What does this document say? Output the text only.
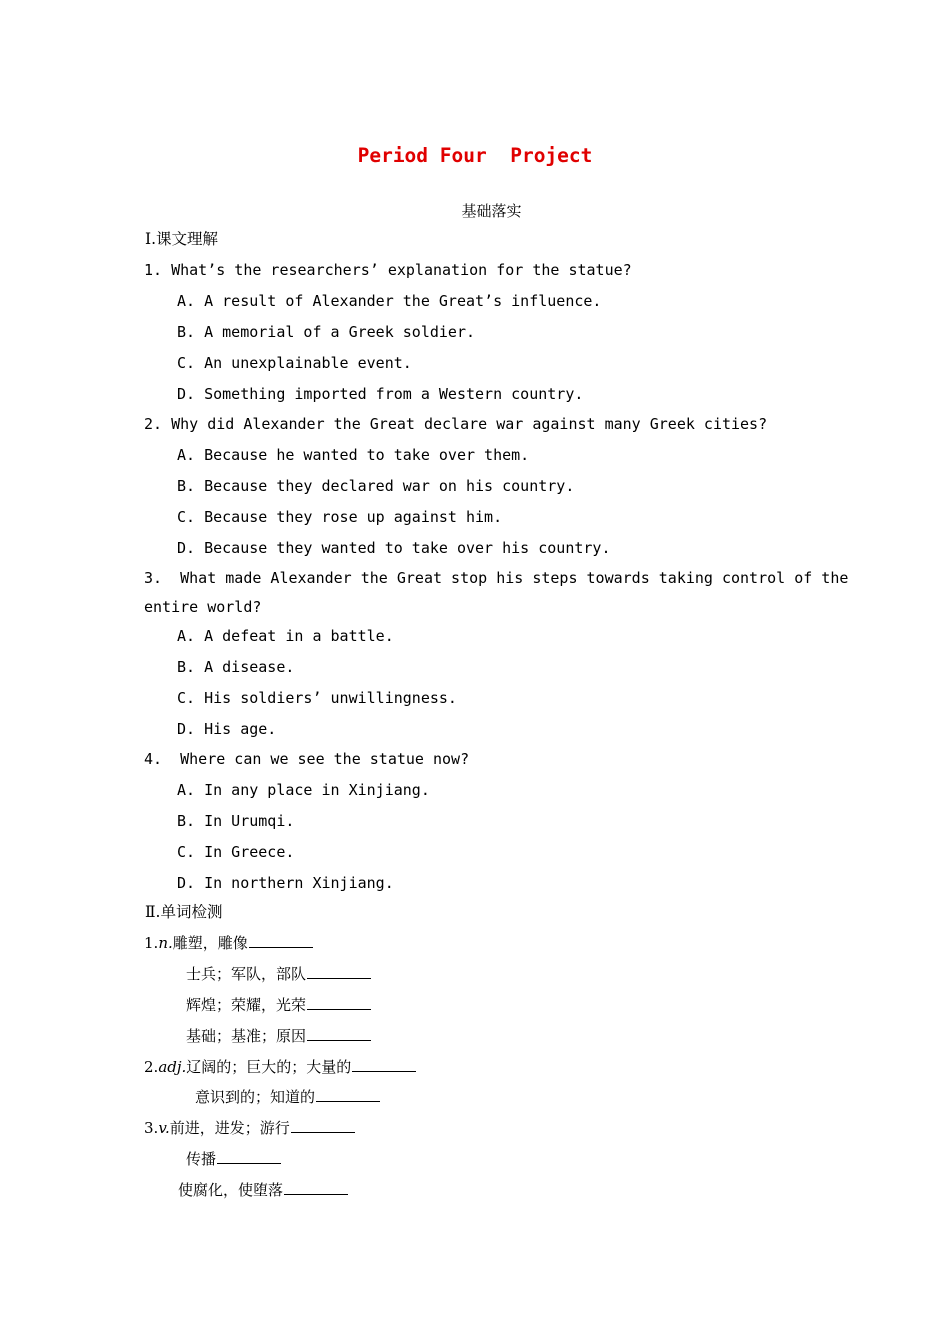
Period Four  Project
基础落实
Ⅰ.课文理解
1. What’s the researchers’ explanation for the statue?
A. A result of Alexander the Great’s influence.
B. A memorial of a Greek soldier.
C. An unexplainable event.
D. Something imported from a Western country.
2. Why did Alexander the Great declare war against many Greek cities?
A. Because he wanted to take over them.
B. Because they declared war on his country.
C. Because they rose up against him.
D. Because they wanted to take over his country.
3.  What made Alexander the Great stop his steps towards taking control of the
entire world?
A. A defeat in a battle.
B. A disease.
C. His soldiers’ unwillingness.
D. His age.
4.  Where can we see the statue now?
A. In any place in Xinjiang.
B. In Urumqi.
C. In Greece.
D. In northern Xinjiang.
Ⅱ.单词检测
1.n.雕塑，雕像
士兵；军队，部队
辉煌；荣耀，光荣
基础；基准；原因
2.adj.辽阔的；巨大的；大量的
意识到的；知道的
3.v.前进，进发；游行
传播
使腐化，使堕落
